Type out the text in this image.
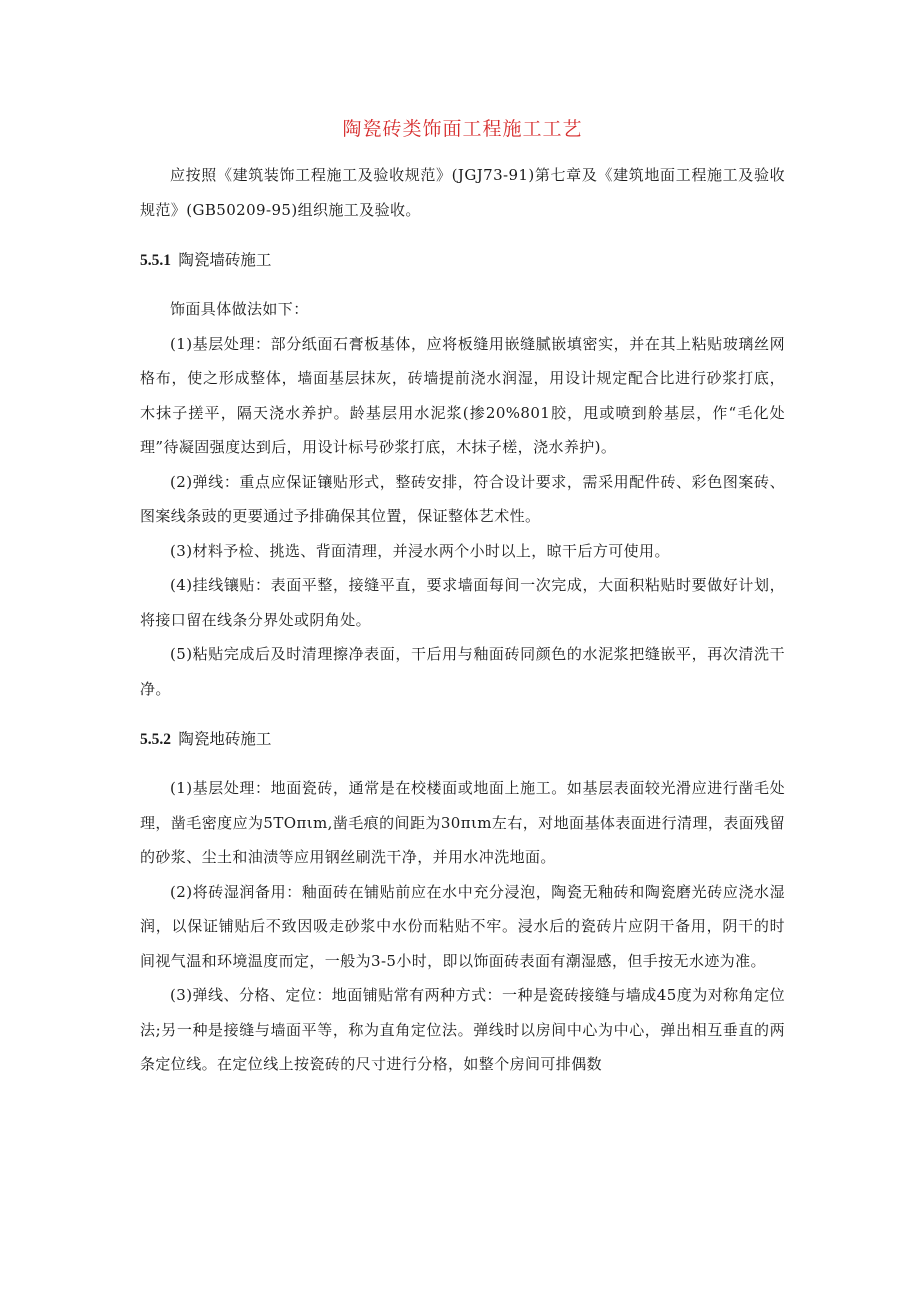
陶瓷砖类饰面工程施工工艺

应按照《建筑装饰工程施工及验收规范》(JGJ73-91)第七章及《建筑地面工程施工及验收规范》(GB50209-95)组织施工及验收。

5.5.1 陶瓷墙砖施工

饰面具体做法如下：

(1)基层处理：部分纸面石膏板基体，应将板缝用嵌缝腻嵌填密实，并在其上粘贴玻璃丝网格布，使之形成整体，墙面基层抹灰，砖墙提前浇水润湿，用设计规定配合比进行砂浆打底，木抹子搓平，隔天浇水养护。龄基层用水泥浆(掺20%801胶，甩或喷到舲基层，作“毛化处理”待凝固强度达到后，用设计标号砂浆打底，木抹子槎，浇水养护)。

(2)弹线：重点应保证镶贴形式，整砖安排，符合设计要求，需采用配件砖、彩色图案砖、图案线条豉的更要通过予排确保其位置，保证整体艺术性。

(3)材料予检、挑选、背面清理，并浸水两个小时以上，晾干后方可使用。

(4)挂线镶贴：表面平整，接缝平直，要求墙面每间一次完成，大面积粘贴时要做好计划，将接口留在线条分界处或阴角处。

(5)粘贴完成后及时清理擦净表面，干后用与釉面砖同颜色的水泥浆把缝嵌平，再次清洗干净。

5.5.2 陶瓷地砖施工

(1)基层处理：地面瓷砖，通常是在校楼面或地面上施工。如基层表面较光滑应进行凿毛处理，凿毛密度应为5TOπιm,凿毛痕的间距为30πιm左右，对地面基体表面进行清理，表面残留的砂浆、尘土和油渍等应用钢丝刷洗干净，并用水冲洗地面。

(2)将砖湿润备用：釉面砖在铺贴前应在水中充分浸泡，陶瓷无釉砖和陶瓷磨光砖应浇水湿润，以保证铺贴后不致因吸走砂浆中水份而粘贴不牢。浸水后的瓷砖片应阴干备用，阴干的时间视气温和环境温度而定，一般为3-5小时，即以饰面砖表面有潮湿感，但手按无水迹为准。

(3)弹线、分格、定位：地面铺贴常有两种方式：一种是瓷砖接缝与墙成45度为对称角定位法;另一种是接缝与墙面平等，称为直角定位法。弹线时以房间中心为中心，弹出相互垂直的两条定位线。在定位线上按瓷砖的尺寸进行分格，如整个房间可排偶数
